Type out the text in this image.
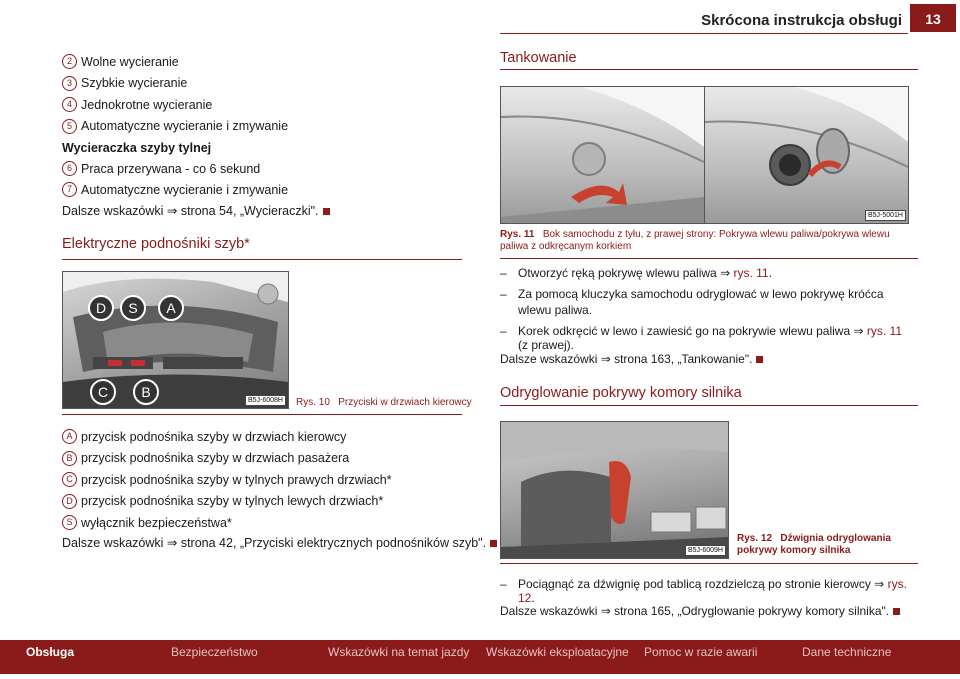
Skrócona instrukcja obsługi	13
2 Wolne wycieranie
3 Szybkie wycieranie
4 Jednokrotne wycieranie
5 Automatyczne wycieranie i zmywanie
Wycieraczka szyby tylnej
6 Praca przerywana - co 6 sekund
7 Automatyczne wycieranie i zmywanie
Dalsze wskazówki ⇒ strona 54, „Wycieraczki".
Elektryczne podnośniki szyb*
D	S	A
C	B
B5J-6008H	Rys. 10 Przyciski w drzwiach kierowcy
A przycisk podnośnika szyby w drzwiach kierowcy
B przycisk podnośnika szyby w drzwiach pasażera
C przycisk podnośnika szyby w tylnych prawych drzwiach*
D przycisk podnośnika szyby w tylnych lewych drzwiach*
S wyłącznik bezpieczeństwa*
Dalsze wskazówki ⇒ strona 42, „Przyciski elektrycznych podnośników szyb".
Tankowanie
B5J-5001H
Rys. 11 Bok samochodu z tyłu, z prawej strony: Pokrywa wlewu paliwa/pokrywa wlewu paliwa z odkręcanym korkiem
– Otworzyć ręką pokrywę wlewu paliwa ⇒ rys. 11.
– Za pomocą kluczyka samochodu odryglować w lewo pokrywę króćca wlewu paliwa.
– Korek odkręcić w lewo i zawiesić go na pokrywie wlewu paliwa ⇒ rys. 11 (z prawej).
Dalsze wskazówki ⇒ strona 163, „Tankowanie".
Odryglowanie pokrywy komory silnika
B5J-6009H
Rys. 12 Dźwignia odryglowania pokrywy komory silnika
– Pociągnąć za dźwignię pod tablicą rozdzielczą po stronie kierowcy ⇒ rys. 12.
Dalsze wskazówki ⇒ strona 165, „Odryglowanie pokrywy komory silnika".
Obsługa	Bezpieczeństwo	Wskazówki na temat jazdy	Wskazówki eksploatacyjne	Pomoc w razie awarii	Dane techniczne
